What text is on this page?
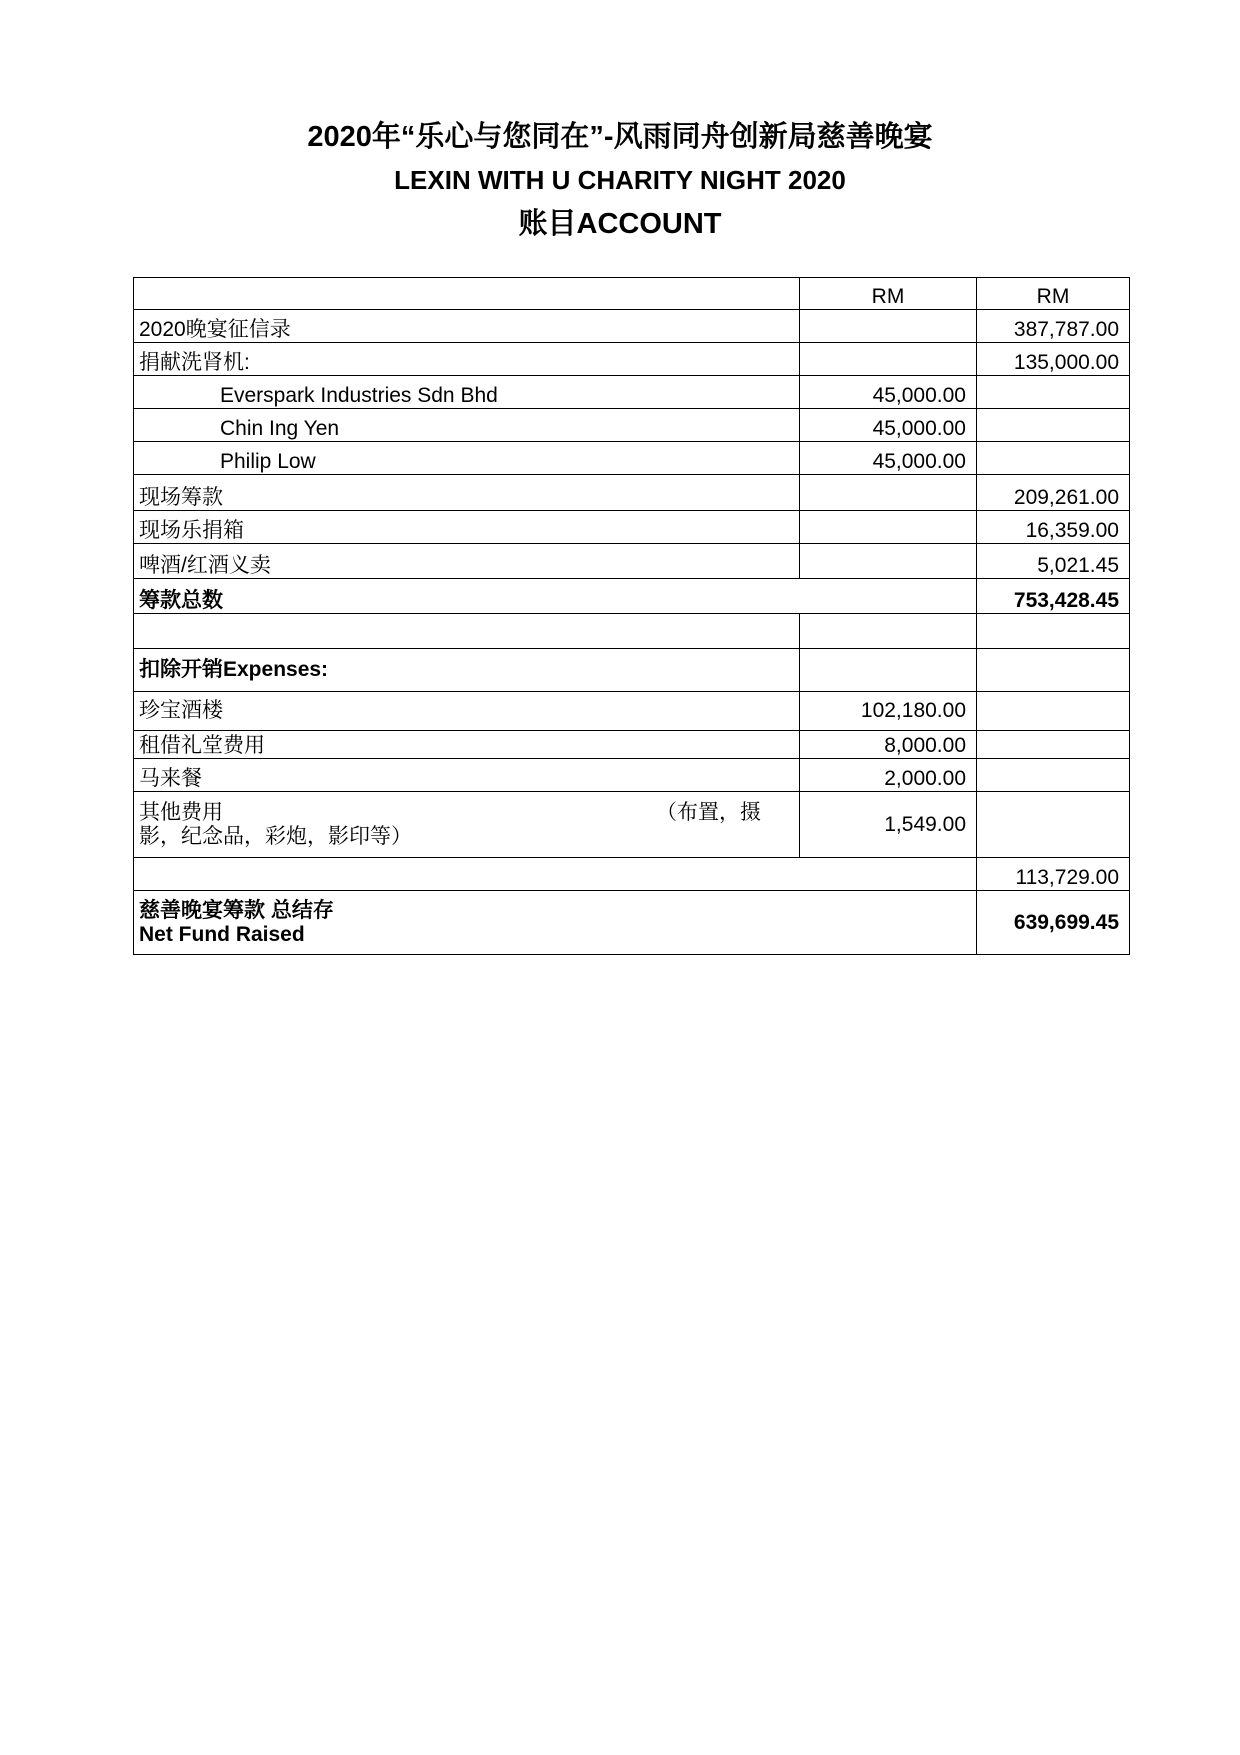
2020年“乐心与您同在”-风雨同舟创新局慈善晚宴
LEXIN WITH U CHARITY NIGHT 2020
账目ACCOUNT
	RM	RM
2020晚宴征信录		387,787.00
捐献洗肾机:		135,000.00
Everspark Industries Sdn Bhd	45,000.00	
Chin Ing Yen	45,000.00	
Philip Low	45,000.00	
现场筹款		209,261.00
现场乐捐箱		16,359.00
啤酒/红酒义卖		5,021.45
筹款总数		753,428.45

扣除开销Expenses:		
珍宝酒楼	102,180.00	
租借礼堂费用	8,000.00	
马来餐	2,000.00	

其他费用 （布置，摄
影，纪念品，彩炮，影印等）	1,549.00	
		113,729.00

慈善晚宴筹款 总结存
Net Fund Raised		639,699.45
